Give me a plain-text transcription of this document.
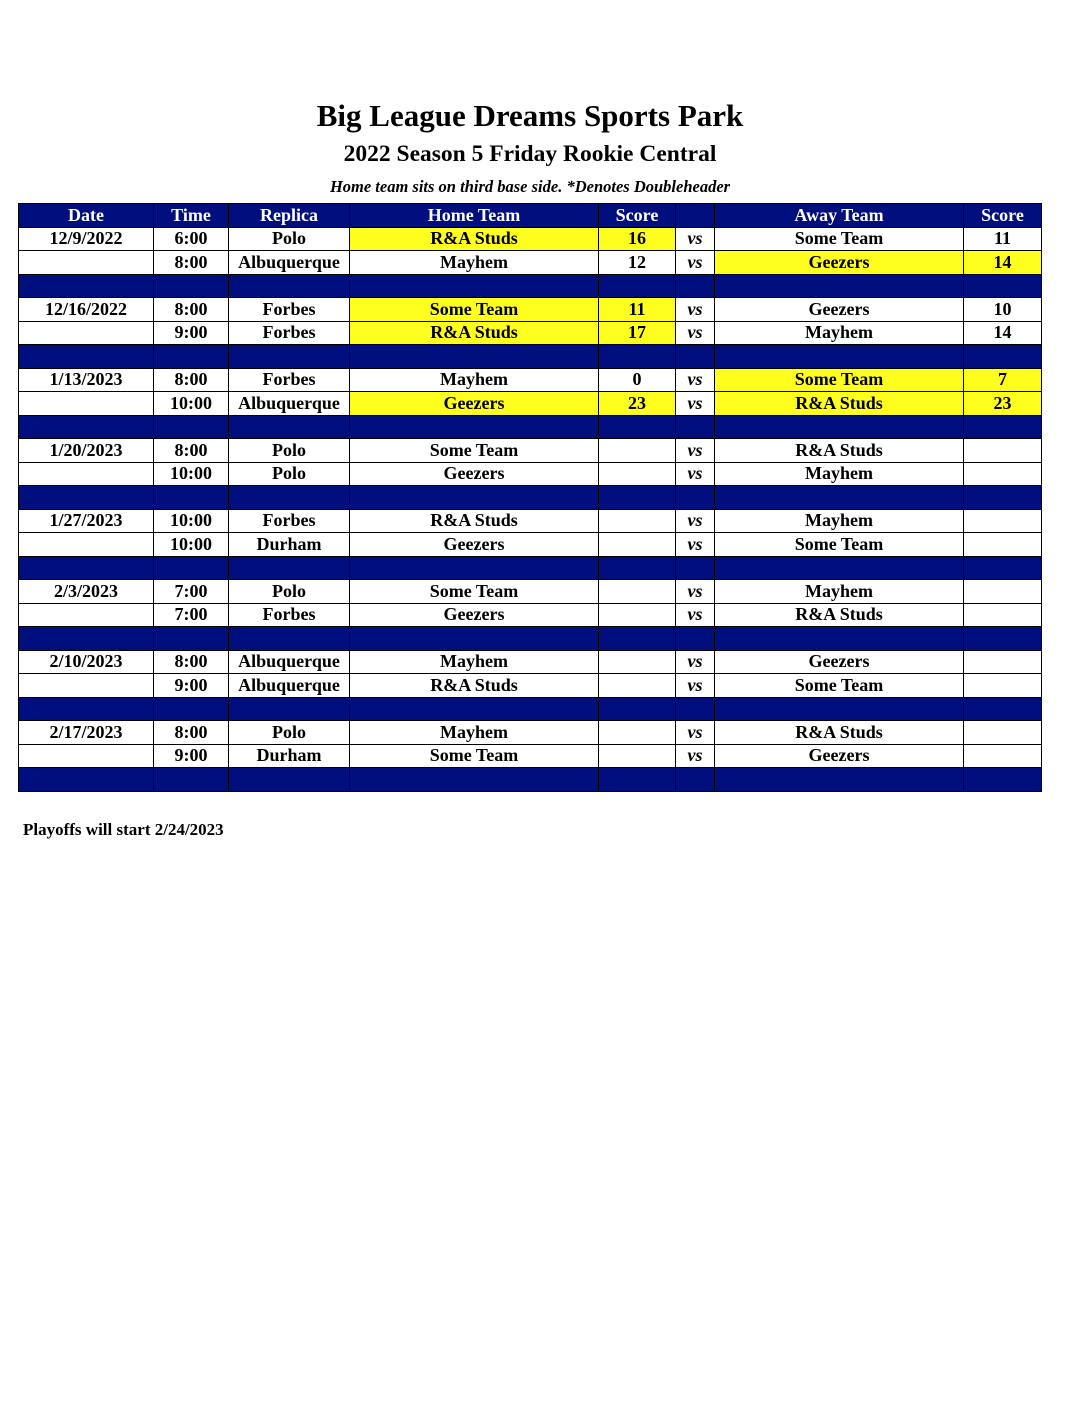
Big League Dreams Sports Park
2022 Season 5 Friday Rookie Central
Home team sits on third base side. *Denotes Doubleheader
Date	Time	Replica	Home Team	Score		Away Team	Score
12/9/2022	6:00	Polo	R&A Studs	16	vs	Some Team	11
	8:00	Albuquerque	Mayhem	12	vs	Geezers	14

12/16/2022	8:00	Forbes	Some Team	11	vs	Geezers	10
	9:00	Forbes	R&A Studs	17	vs	Mayhem	14

1/13/2023	8:00	Forbes	Mayhem	0	vs	Some Team	7
	10:00	Albuquerque	Geezers	23	vs	R&A Studs	23

1/20/2023	8:00	Polo	Some Team		vs	R&A Studs	
	10:00	Polo	Geezers		vs	Mayhem	

1/27/2023	10:00	Forbes	R&A Studs		vs	Mayhem	
	10:00	Durham	Geezers		vs	Some Team	

2/3/2023	7:00	Polo	Some Team		vs	Mayhem	
	7:00	Forbes	Geezers		vs	R&A Studs	

2/10/2023	8:00	Albuquerque	Mayhem		vs	Geezers	
	9:00	Albuquerque	R&A Studs		vs	Some Team	

2/17/2023	8:00	Polo	Mayhem		vs	R&A Studs	
	9:00	Durham	Some Team		vs	Geezers	

Playoffs will start 2/24/2023
